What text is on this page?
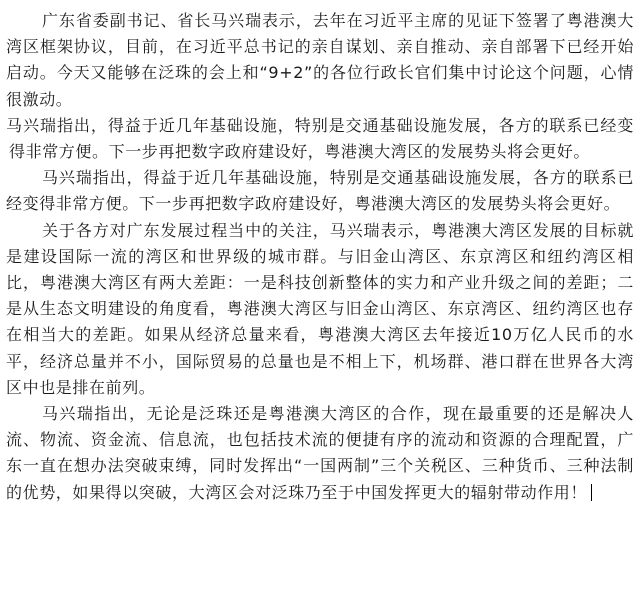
广东省委副书记、省长马兴瑞表示，去年在习近平主席的见证下签署了粤港澳大湾区框架协议，目前，在习近平总书记的亲自谋划、亲自推动、亲自部署下已经开始启动。今天又能够在泛珠的会上和“9+2”的各位行政长官们集中讨论这个问题，心情很激动。

马兴瑞指出，得益于近几年基础设施，特别是交通基础设施发展，各方的联系已经变得非常方便。下一步再把数字政府建设好，粤港澳大湾区的发展势头将会更好。

马兴瑞指出，得益于近几年基础设施，特别是交通基础设施发展，各方的联系已经变得非常方便。下一步再把数字政府建设好，粤港澳大湾区的发展势头将会更好。

关于各方对广东发展过程当中的关注，马兴瑞表示，粤港澳大湾区发展的目标就是建设国际一流的湾区和世界级的城市群。与旧金山湾区、东京湾区和纽约湾区相比，粤港澳大湾区有两大差距：一是科技创新整体的实力和产业升级之间的差距；二是从生态文明建设的角度看，粤港澳大湾区与旧金山湾区、东京湾区、纽约湾区也存在相当大的差距。如果从经济总量来看，粤港澳大湾区去年接近10万亿人民币的水平，经济总量并不小，国际贸易的总量也是不相上下，机场群、港口群在世界各大湾区中也是排在前列。

马兴瑞指出，无论是泛珠还是粤港澳大湾区的合作，现在最重要的还是解决人流、物流、资金流、信息流，也包括技术流的便捷有序的流动和资源的合理配置，广东一直在想办法突破束缚，同时发挥出“一国两制”三个关税区、三种货币、三种法制的优势，如果得以突破，大湾区会对泛珠乃至于中国发挥更大的辐射带动作用！
